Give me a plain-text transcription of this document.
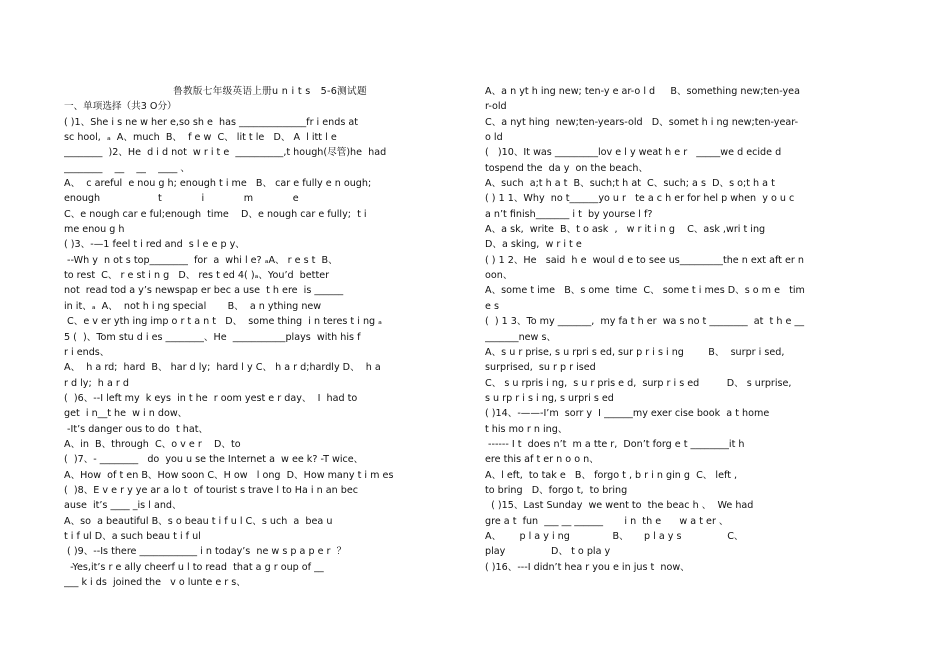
鲁教版七年级英语上册u n i t s   5-6测试题
一、单项选择（共3 O分）
( )1、She i s ne w her e,so sh e  has ______________fr i ends at
sc hool,  ₐ  A、much  B、  f e w  C、 lit t le   D、 A  l itt l e
________  )2、He  d i d not  w r i t e  __________,t hough(尽管)he  had
________    __    __    ____ 、
A、  c areful  e nou g h; enough t i me   B、 car e fully e n ough;
enough                   t             i             m             e
C、e nough car e ful;enough  time    D、e nough car e fully;  t i
me enou g h
( )3、-—1 feel t i red and  s l e e p y、
--Wh y  n ot s top________  for  a  whi l e? ₐA、 r e s t  B、
to rest  C、 r e st i n g   D、 res t ed 4( )ₐ、You’d  better
not  read tod a y’s newspap er bec a use  t h ere  is ______
in it、ₐ  A、  not h i ng special       B、  a n ything new
C、e v er yth ing imp o r t a n t   D、  some thing  i n teres t i ng ₐ
5 (  )、Tom stu d i es ________、He  ___________plays  with his f
r i ends、
A、  h a rd;  hard  B、 har d ly;  hard l y C、 h a r d;hardly D、  h a
r d ly;  h a r d
(  )6、--I left my  k eys  in t he  r oom yest e r day、  I  had to
get  i n__t he  w i n dow、
-It’s danger ous to do  t hat、
A、in  B、through  C、o v e r    D、to
(  )7、- ________   do  you u se the Internet a  w ee k? -T wice、
A、How  of t en B、How soon C、H ow   l ong  D、How many t i m es
(  )8、E v e r y ye ar a lo t  of tourist s trave l to Ha i n an bec
ause  it’s ____ _is l and、
A、so  a beautiful B、s o beau t i f u l C、s uch  a  bea u
t i f ul D、a such beau t i f ul
( )9、--Is there ____________ i n today’s  ne w s p a p e r  ？
-Yes,it’s r e ally cheerf u l to read  that a g r oup of __
___ k i ds  joined the   v o lunte e r s、
A、a n yt h ing new; ten-y e ar-o l d     B、something new;ten-yea
r-old
C、a nyt hing  new;ten-years-old   D、somet h i ng new;ten-year-
o ld
(   )10、It was _________lov e l y weat h e r   _____we d ecide d
tospend the  da y  on the beach、
A、such  a;t h a t  B、such;t h at  C、such; a s  D、s o;t h a t
( ) 1 1、Why  no t______yo u r   te a c h er for hel p when  y o u c
a n’t finish_______ i t  by yourse l f?
A、a sk,  write  B、t o ask  ,   w r it i n g    C、ask ,wri t ing
D、a sking,  w r i t e
( ) 1 2、He   said  h e  woul d e to see us_________the n ext aft er n
oon、
A、some t ime   B、s ome  time  C、 some t i mes D、s o m e   tim
e s
(  ) 1 3、To my _______,  my fa t h er  wa s no t ________  at  t h e __
_______new s、
A、s u r prise, s u rpri s ed, sur p r i s i ng        B、  surpr i sed,
surprised,  su r p r ised
C、 s u rpris i ng,  s u r pris e d,  surp r i s ed         D、 s urprise,
s u rp r i s i ng, s urpri s ed
( )14、-——-I’m  sorr y  I ______my exer cise book  a t home
t his mo r n ing、
------ I t  does n’t  m a tte r,  Don’t forg e t ________it h
ere this af t er n o o n、
A、l eft,  to tak e   B、 forgo t , b r i n gin g  C、 left ,
to bring   D、forgo t,  to bring
( )15、Last Sunday  we went to  the beac h 、  We had
gre a t  fun  ___ __ ______       i n  th e      w a t er 、
A、      p l a y i ng              B、     p l a y s               C、
play               D、 t o pla y
( )16、---I didn’t hea r you e in jus t  now、
